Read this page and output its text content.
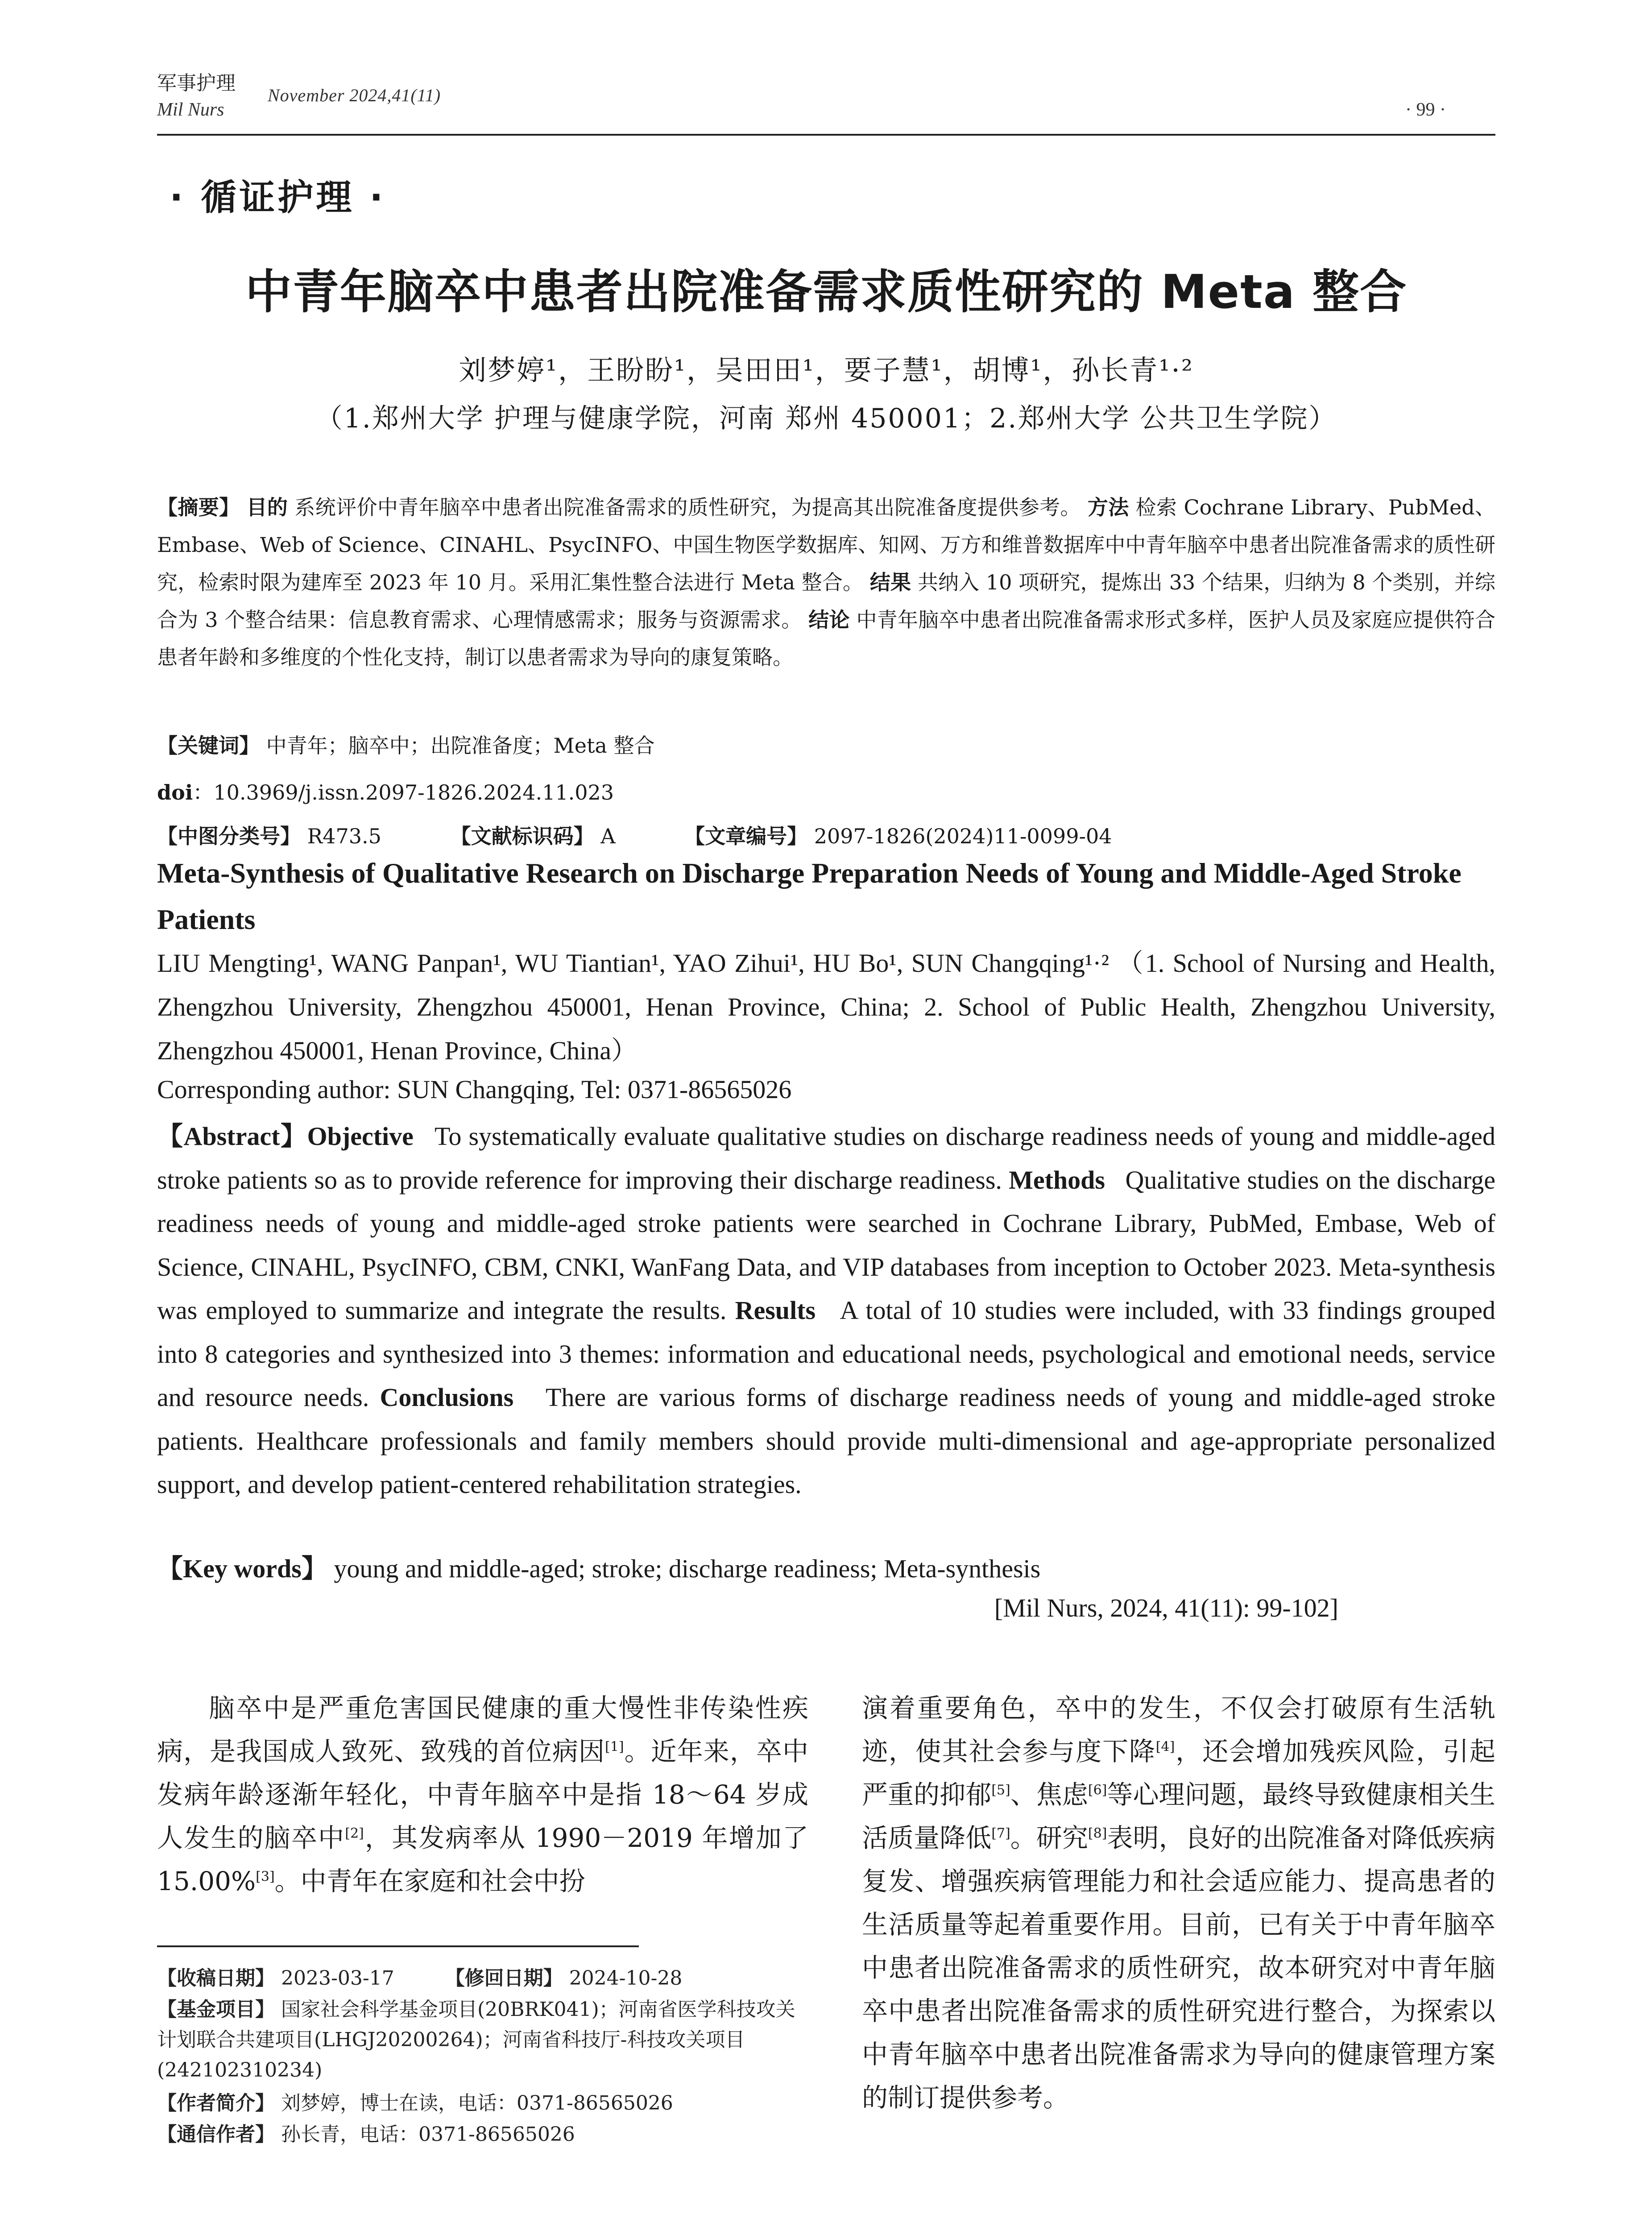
军事护理
Mil Nurs
November 2024,41(11)
· 99 ·
· 循证护理 ·
中青年脑卒中患者出院准备需求质性研究的 Meta 整合
刘梦婷¹，王盼盼¹，吴田田¹，要子慧¹，胡博¹，孙长青¹·²
（1.郑州大学 护理与健康学院，河南 郑州 450001；2.郑州大学 公共卫生学院）
【摘要】 目的 系统评价中青年脑卒中患者出院准备需求的质性研究，为提高其出院准备度提供参考。 方法 检索 Cochrane Library、PubMed、Embase、Web of Science、CINAHL、PsycINFO、中国生物医学数据库、知网、万方和维普数据库中中青年脑卒中患者出院准备需求的质性研究，检索时限为建库至 2023 年 10 月。采用汇集性整合法进行 Meta 整合。 结果 共纳入 10 项研究，提炼出 33 个结果，归纳为 8 个类别，并综合为 3 个整合结果：信息教育需求、心理情感需求；服务与资源需求。 结论 中青年脑卒中患者出院准备需求形式多样，医护人员及家庭应提供符合患者年龄和多维度的个性化支持，制订以患者需求为导向的康复策略。
【关键词】 中青年；脑卒中；出院准备度；Meta 整合
doi：10.3969/j.issn.2097-1826.2024.11.023
【中图分类号】 R473.5	【文献标识码】 A	【文章编号】 2097-1826(2024)11-0099-04
Meta-Synthesis of Qualitative Research on Discharge Preparation Needs of Young and Middle-Aged Stroke Patients
LIU Mengting¹, WANG Panpan¹, WU Tiantian¹, YAO Zihui¹, HU Bo¹, SUN Changqing¹·² （1. School of Nursing and Health, Zhengzhou University, Zhengzhou 450001, Henan Province, China; 2. School of Public Health, Zhengzhou University, Zhengzhou 450001, Henan Province, China）
Corresponding author: SUN Changqing, Tel: 0371-86565026
【Abstract】Objective To systematically evaluate qualitative studies on discharge readiness needs of young and middle-aged stroke patients so as to provide reference for improving their discharge readiness. Methods Qualitative studies on the discharge readiness needs of young and middle-aged stroke patients were searched in Cochrane Library, PubMed, Embase, Web of Science, CINAHL, PsycINFO, CBM, CNKI, WanFang Data, and VIP databases from inception to October 2023. Meta-synthesis was employed to summarize and integrate the results. Results A total of 10 studies were included, with 33 findings grouped into 8 categories and synthesized into 3 themes: information and educational needs, psychological and emotional needs, service and resource needs. Conclusions There are various forms of discharge readiness needs of young and middle-aged stroke patients. Healthcare professionals and family members should provide multi-dimensional and age-appropriate personalized support, and develop patient-centered rehabilitation strategies.
【Key words】 young and middle-aged; stroke; discharge readiness; Meta-synthesis
[Mil Nurs, 2024, 41(11): 99-102]

脑卒中是严重危害国民健康的重大慢性非传染性疾病，是我国成人致死、致残的首位病因[1]。近年来，卒中发病年龄逐渐年轻化，中青年脑卒中是指 18～64 岁成人发生的脑卒中[2]，其发病率从 1990－2019 年增加了 15.00%[3]。中青年在家庭和社会中扮

演着重要角色，卒中的发生，不仅会打破原有生活轨迹，使其社会参与度下降[4]，还会增加残疾风险，引起严重的抑郁[5]、焦虑[6]等心理问题，最终导致健康相关生活质量降低[7]。研究[8]表明，良好的出院准备对降低疾病复发、增强疾病管理能力和社会适应能力、提高患者的生活质量等起着重要作用。目前，已有关于中青年脑卒中患者出院准备需求的质性研究，故本研究对中青年脑卒中患者出院准备需求的质性研究进行整合，为探索以中青年脑卒中患者出院准备需求为导向的健康管理方案的制订提供参考。

【收稿日期】 2023-03-17	【修回日期】 2024-10-28
【基金项目】 国家社会科学基金项目(20BRK041)；河南省医学科技攻关计划联合共建项目(LHGJ20200264)；河南省科技厅-科技攻关项目(242102310234)
【作者简介】 刘梦婷，博士在读，电话：0371-86565026
【通信作者】 孙长青，电话：0371-86565026
